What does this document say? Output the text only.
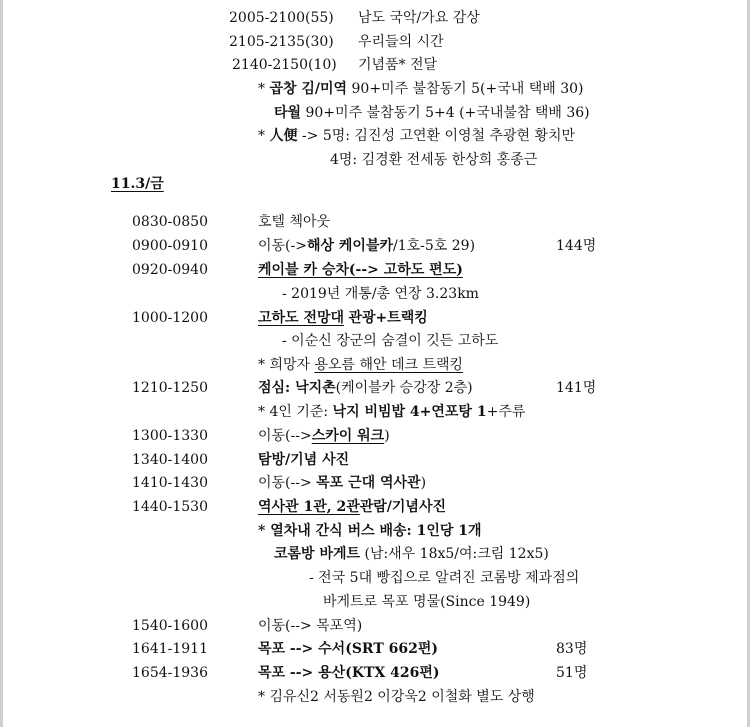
2005-2100(55) 남도 국악/가요 감상
2105-2135(30) 우리들의 시간
2140-2150(10) 기념품* 전달
* 곱창 김/미역 90+미주 불참동기 5(+국내 택배 30)
타월 90+미주 불참동기 5+4 (+국내불참 택배 36)
* 人便 -> 5명: 김진성 고연환 이영철 추광현 황치만
4명: 김경환 전세동 한상희 홍종근
11.3/금
0830-0850	호텔 첵아웃
0900-0910	이동(->해상 케이블카/1호-5호 29)	144명
0920-0940	케이블 카 승차(--> 고하도 편도)
- 2019년 개통/총 연장 3.23km
1000-1200	고하도 전망대 관광+트랙킹
- 이순신 장군의 숨결이 깃든 고하도
* 희망자 용오름 해안 데크 트랙킹
1210-1250	점심: 낙지촌(케이블카 승강장 2층)	141명
* 4인 기준: 낙지 비빔밥 4+연포탕 1+주류
1300-1330	이동(-->스카이 워크)
1340-1400	탐방/기념 사진
1410-1430	이동(--> 목포 근대 역사관)
1440-1530	역사관 1관, 2관관람/기념사진
* 열차내 간식 버스 배송: 1인당 1개
코롬방 바게트 (남:새우 18x5/여:크림 12x5)
- 전국 5대 빵집으로 알려진 코롬방 제과점의
바게트로 목포 명물(Since 1949)
1540-1600	이동(--> 목포역)
1641-1911	목포 --> 수서(SRT 662편)	83명
1654-1936	목포 --> 용산(KTX 426편)	51명
* 김유신2 서동원2 이강욱2 이철화 별도 상행
